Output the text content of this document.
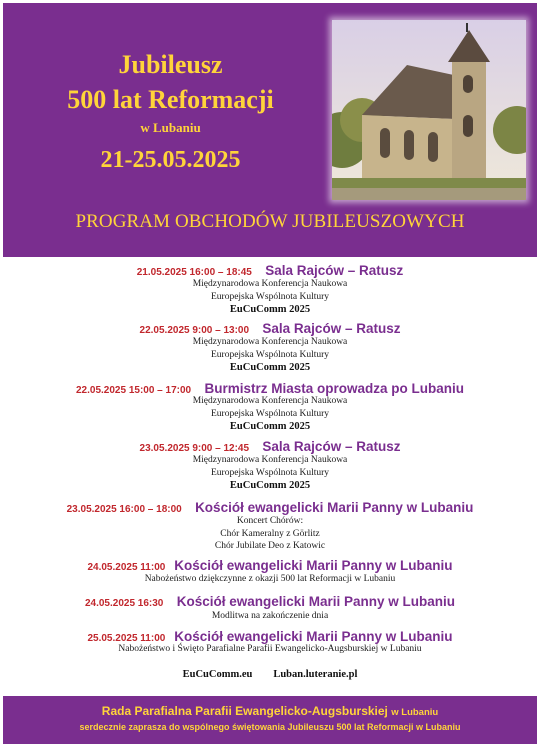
Jubileusz
500 lat Reformacji
w Lubaniu
21-25.05.2025
PROGRAM OBCHODÓW JUBILEUSZOWYCH
21.05.2025 16:00 – 18:45 Sala Rajców – Ratusz
Międzynarodowa Konferencja Naukowa
Europejska Wspólnota Kultury
EuCuComm 2025
22.05.2025 9:00 – 13:00 Sala Rajców – Ratusz
Międzynarodowa Konferencja Naukowa
Europejska Wspólnota Kultury
EuCuComm 2025
22.05.2025 15:00 – 17:00 Burmistrz Miasta oprowadza po Lubaniu
Międzynarodowa Konferencja Naukowa
Europejska Wspólnota Kultury
EuCuComm 2025
23.05.2025 9:00 – 12:45 Sala Rajców – Ratusz
Międzynarodowa Konferencja Naukowa
Europejska Wspólnota Kultury
EuCuComm 2025
23.05.2025 16:00 – 18:00 Kościół ewangelicki Marii Panny w Lubaniu
Koncert Chórów:
Chór Kameralny z Görlitz
Chór Jubilate Deo z Katowic
24.05.2025 11:00 Kościół ewangelicki Marii Panny w Lubaniu
Nabożeństwo dziękczynne z okazji 500 lat Reformacji w Lubaniu
24.05.2025 16:30 Kościół ewangelicki Marii Panny w Lubaniu
Modlitwa na zakończenie dnia
25.05.2025 11:00 Kościół ewangelicki Marii Panny w Lubaniu
Nabożeństwo i Święto Parafialne Parafii Ewangelicko-Augsburskiej w Lubaniu
EuCuComm.eu Luban.luteranie.pl
Rada Parafialna Parafii Ewangelicko-Augsburskiej w Lubaniu
serdecznie zaprasza do wspólnego świętowania Jubileuszu 500 lat Reformacji w Lubaniu
